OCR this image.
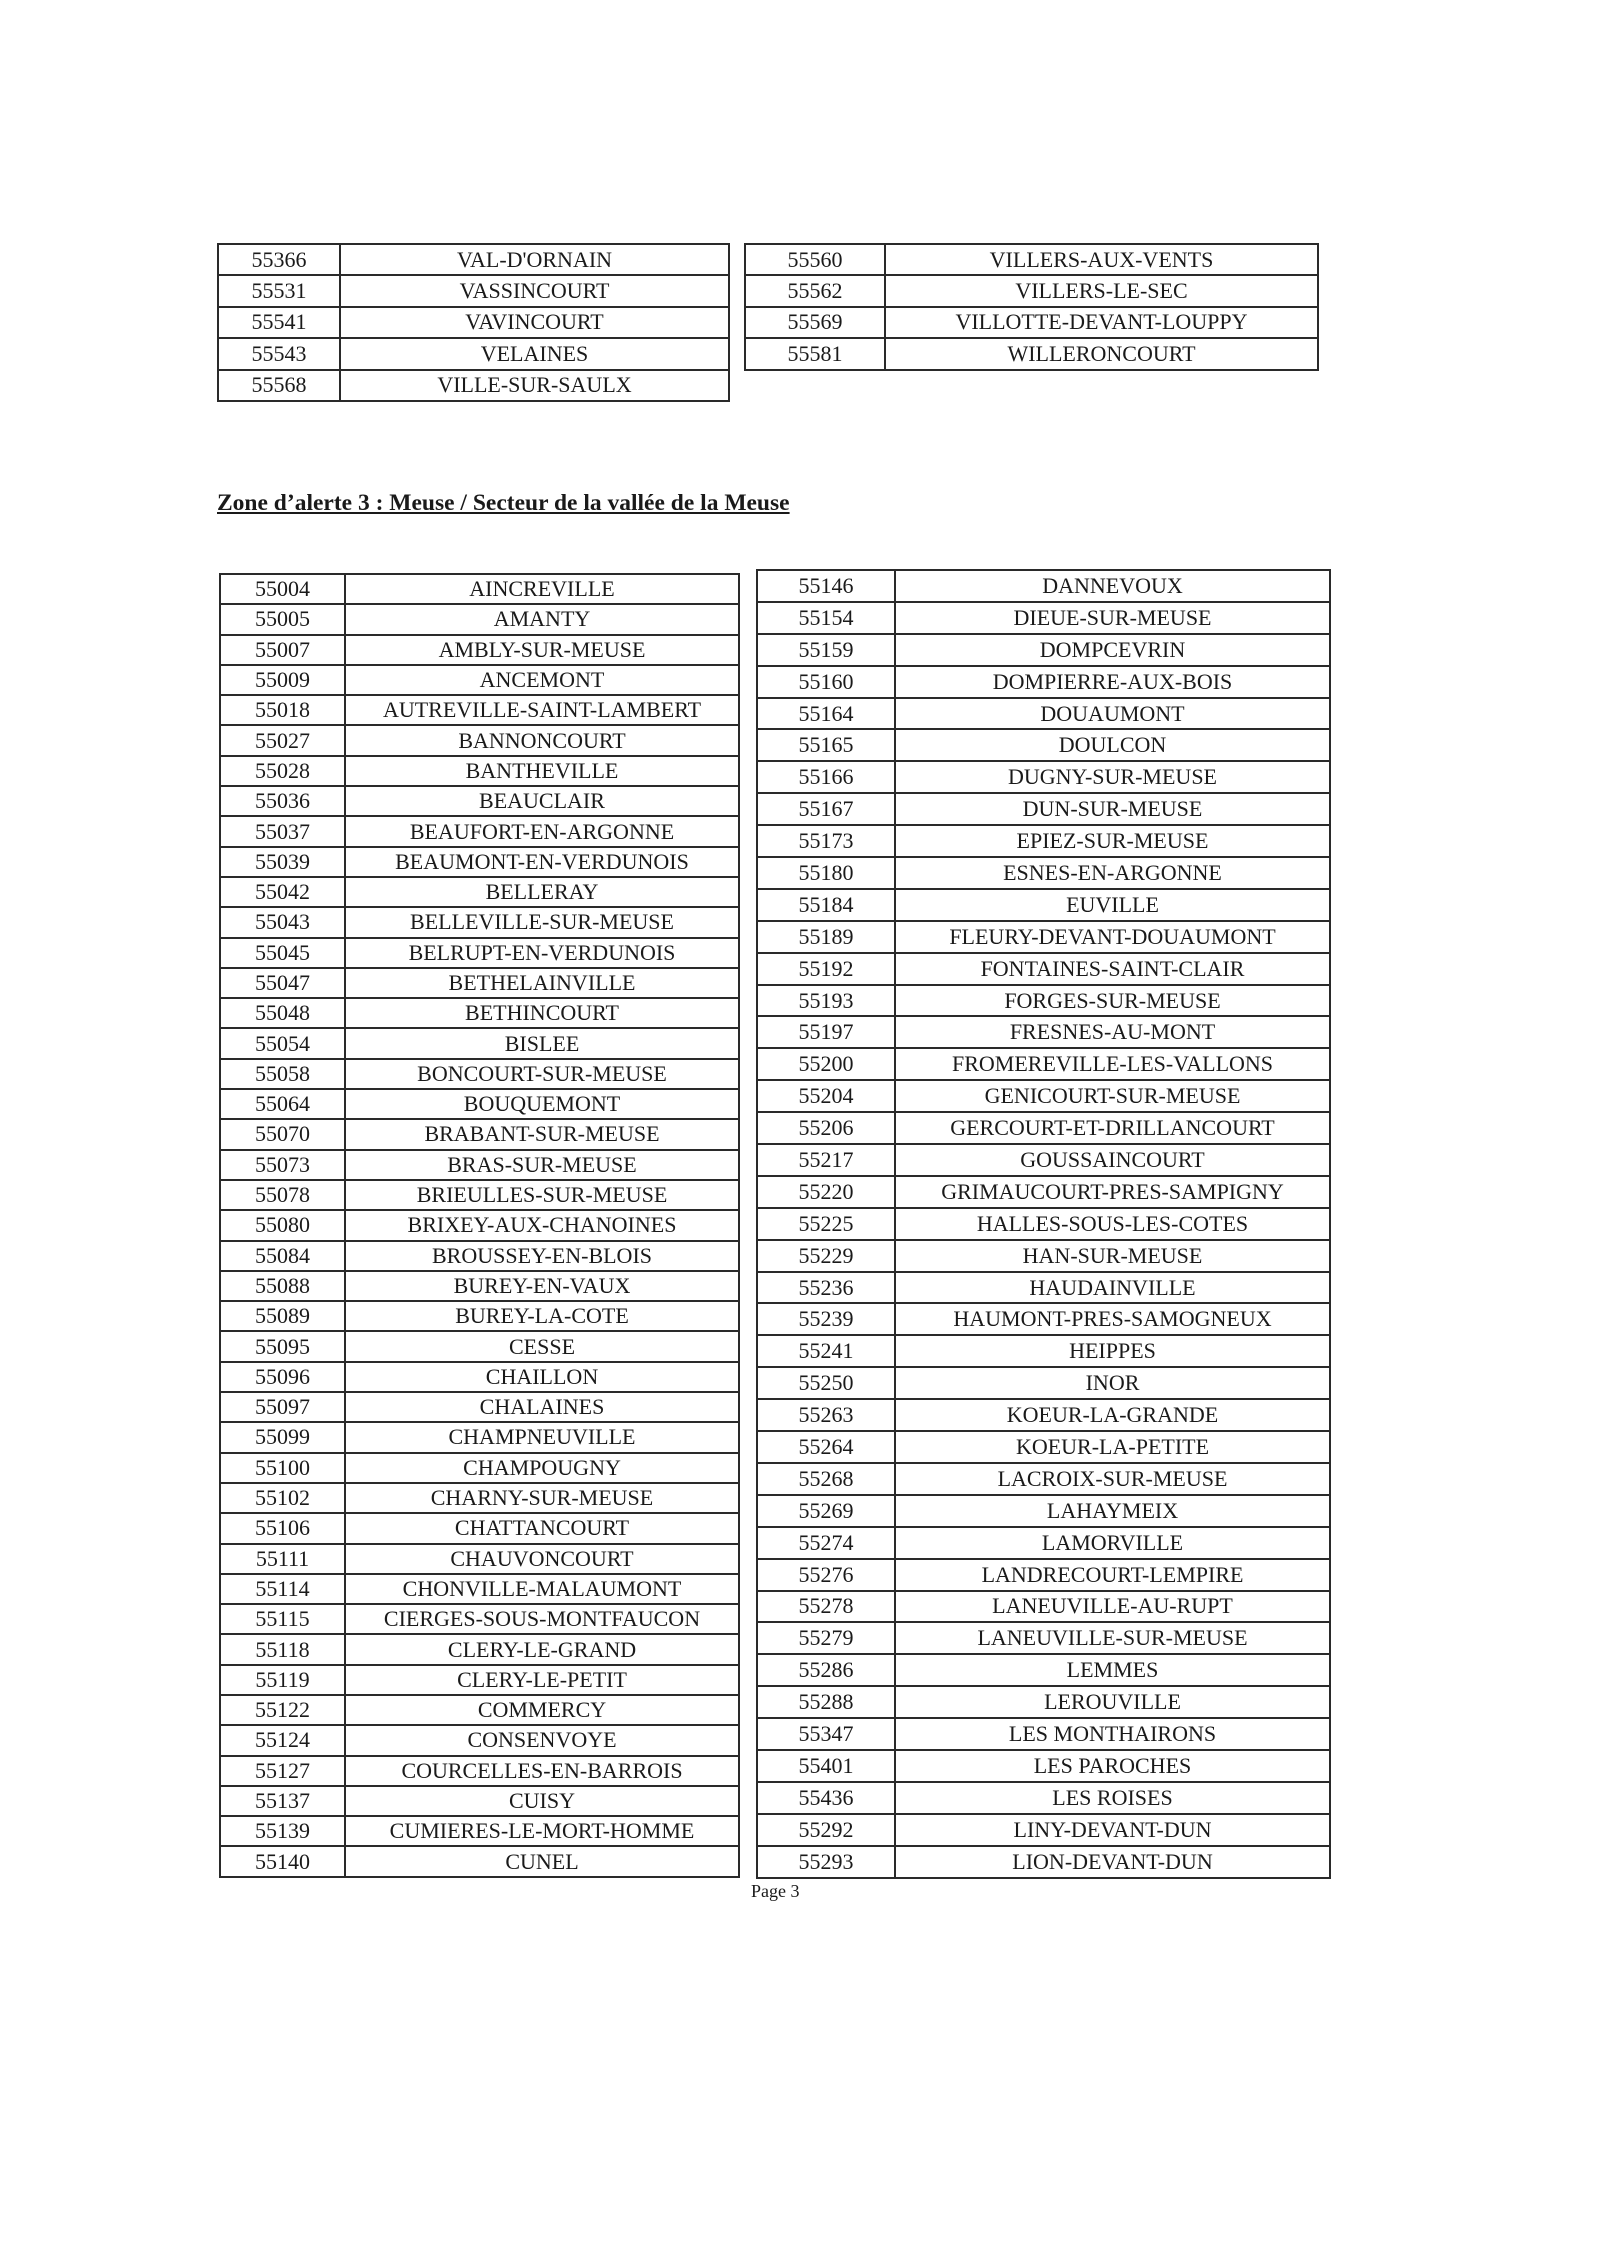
55366	VAL-D'ORNAIN
55531	VASSINCOURT
55541	VAVINCOURT
55543	VELAINES
55568	VILLE-SUR-SAULX
55560	VILLERS-AUX-VENTS
55562	VILLERS-LE-SEC
55569	VILLOTTE-DEVANT-LOUPPY
55581	WILLERONCOURT
Zone d’alerte 3 : Meuse / Secteur de la vallée de la Meuse
55004	AINCREVILLE
55005	AMANTY
55007	AMBLY-SUR-MEUSE
55009	ANCEMONT
55018	AUTREVILLE-SAINT-LAMBERT
55027	BANNONCOURT
55028	BANTHEVILLE
55036	BEAUCLAIR
55037	BEAUFORT-EN-ARGONNE
55039	BEAUMONT-EN-VERDUNOIS
55042	BELLERAY
55043	BELLEVILLE-SUR-MEUSE
55045	BELRUPT-EN-VERDUNOIS
55047	BETHELAINVILLE
55048	BETHINCOURT
55054	BISLEE
55058	BONCOURT-SUR-MEUSE
55064	BOUQUEMONT
55070	BRABANT-SUR-MEUSE
55073	BRAS-SUR-MEUSE
55078	BRIEULLES-SUR-MEUSE
55080	BRIXEY-AUX-CHANOINES
55084	BROUSSEY-EN-BLOIS
55088	BUREY-EN-VAUX
55089	BUREY-LA-COTE
55095	CESSE
55096	CHAILLON
55097	CHALAINES
55099	CHAMPNEUVILLE
55100	CHAMPOUGNY
55102	CHARNY-SUR-MEUSE
55106	CHATTANCOURT
55111	CHAUVONCOURT
55114	CHONVILLE-MALAUMONT
55115	CIERGES-SOUS-MONTFAUCON
55118	CLERY-LE-GRAND
55119	CLERY-LE-PETIT
55122	COMMERCY
55124	CONSENVOYE
55127	COURCELLES-EN-BARROIS
55137	CUISY
55139	CUMIERES-LE-MORT-HOMME
55140	CUNEL
55146	DANNEVOUX
55154	DIEUE-SUR-MEUSE
55159	DOMPCEVRIN
55160	DOMPIERRE-AUX-BOIS
55164	DOUAUMONT
55165	DOULCON
55166	DUGNY-SUR-MEUSE
55167	DUN-SUR-MEUSE
55173	EPIEZ-SUR-MEUSE
55180	ESNES-EN-ARGONNE
55184	EUVILLE
55189	FLEURY-DEVANT-DOUAUMONT
55192	FONTAINES-SAINT-CLAIR
55193	FORGES-SUR-MEUSE
55197	FRESNES-AU-MONT
55200	FROMEREVILLE-LES-VALLONS
55204	GENICOURT-SUR-MEUSE
55206	GERCOURT-ET-DRILLANCOURT
55217	GOUSSAINCOURT
55220	GRIMAUCOURT-PRES-SAMPIGNY
55225	HALLES-SOUS-LES-COTES
55229	HAN-SUR-MEUSE
55236	HAUDAINVILLE
55239	HAUMONT-PRES-SAMOGNEUX
55241	HEIPPES
55250	INOR
55263	KOEUR-LA-GRANDE
55264	KOEUR-LA-PETITE
55268	LACROIX-SUR-MEUSE
55269	LAHAYMEIX
55274	LAMORVILLE
55276	LANDRECOURT-LEMPIRE
55278	LANEUVILLE-AU-RUPT
55279	LANEUVILLE-SUR-MEUSE
55286	LEMMES
55288	LEROUVILLE
55347	LES MONTHAIRONS
55401	LES PAROCHES
55436	LES ROISES
55292	LINY-DEVANT-DUN
55293	LION-DEVANT-DUN
Page 3
